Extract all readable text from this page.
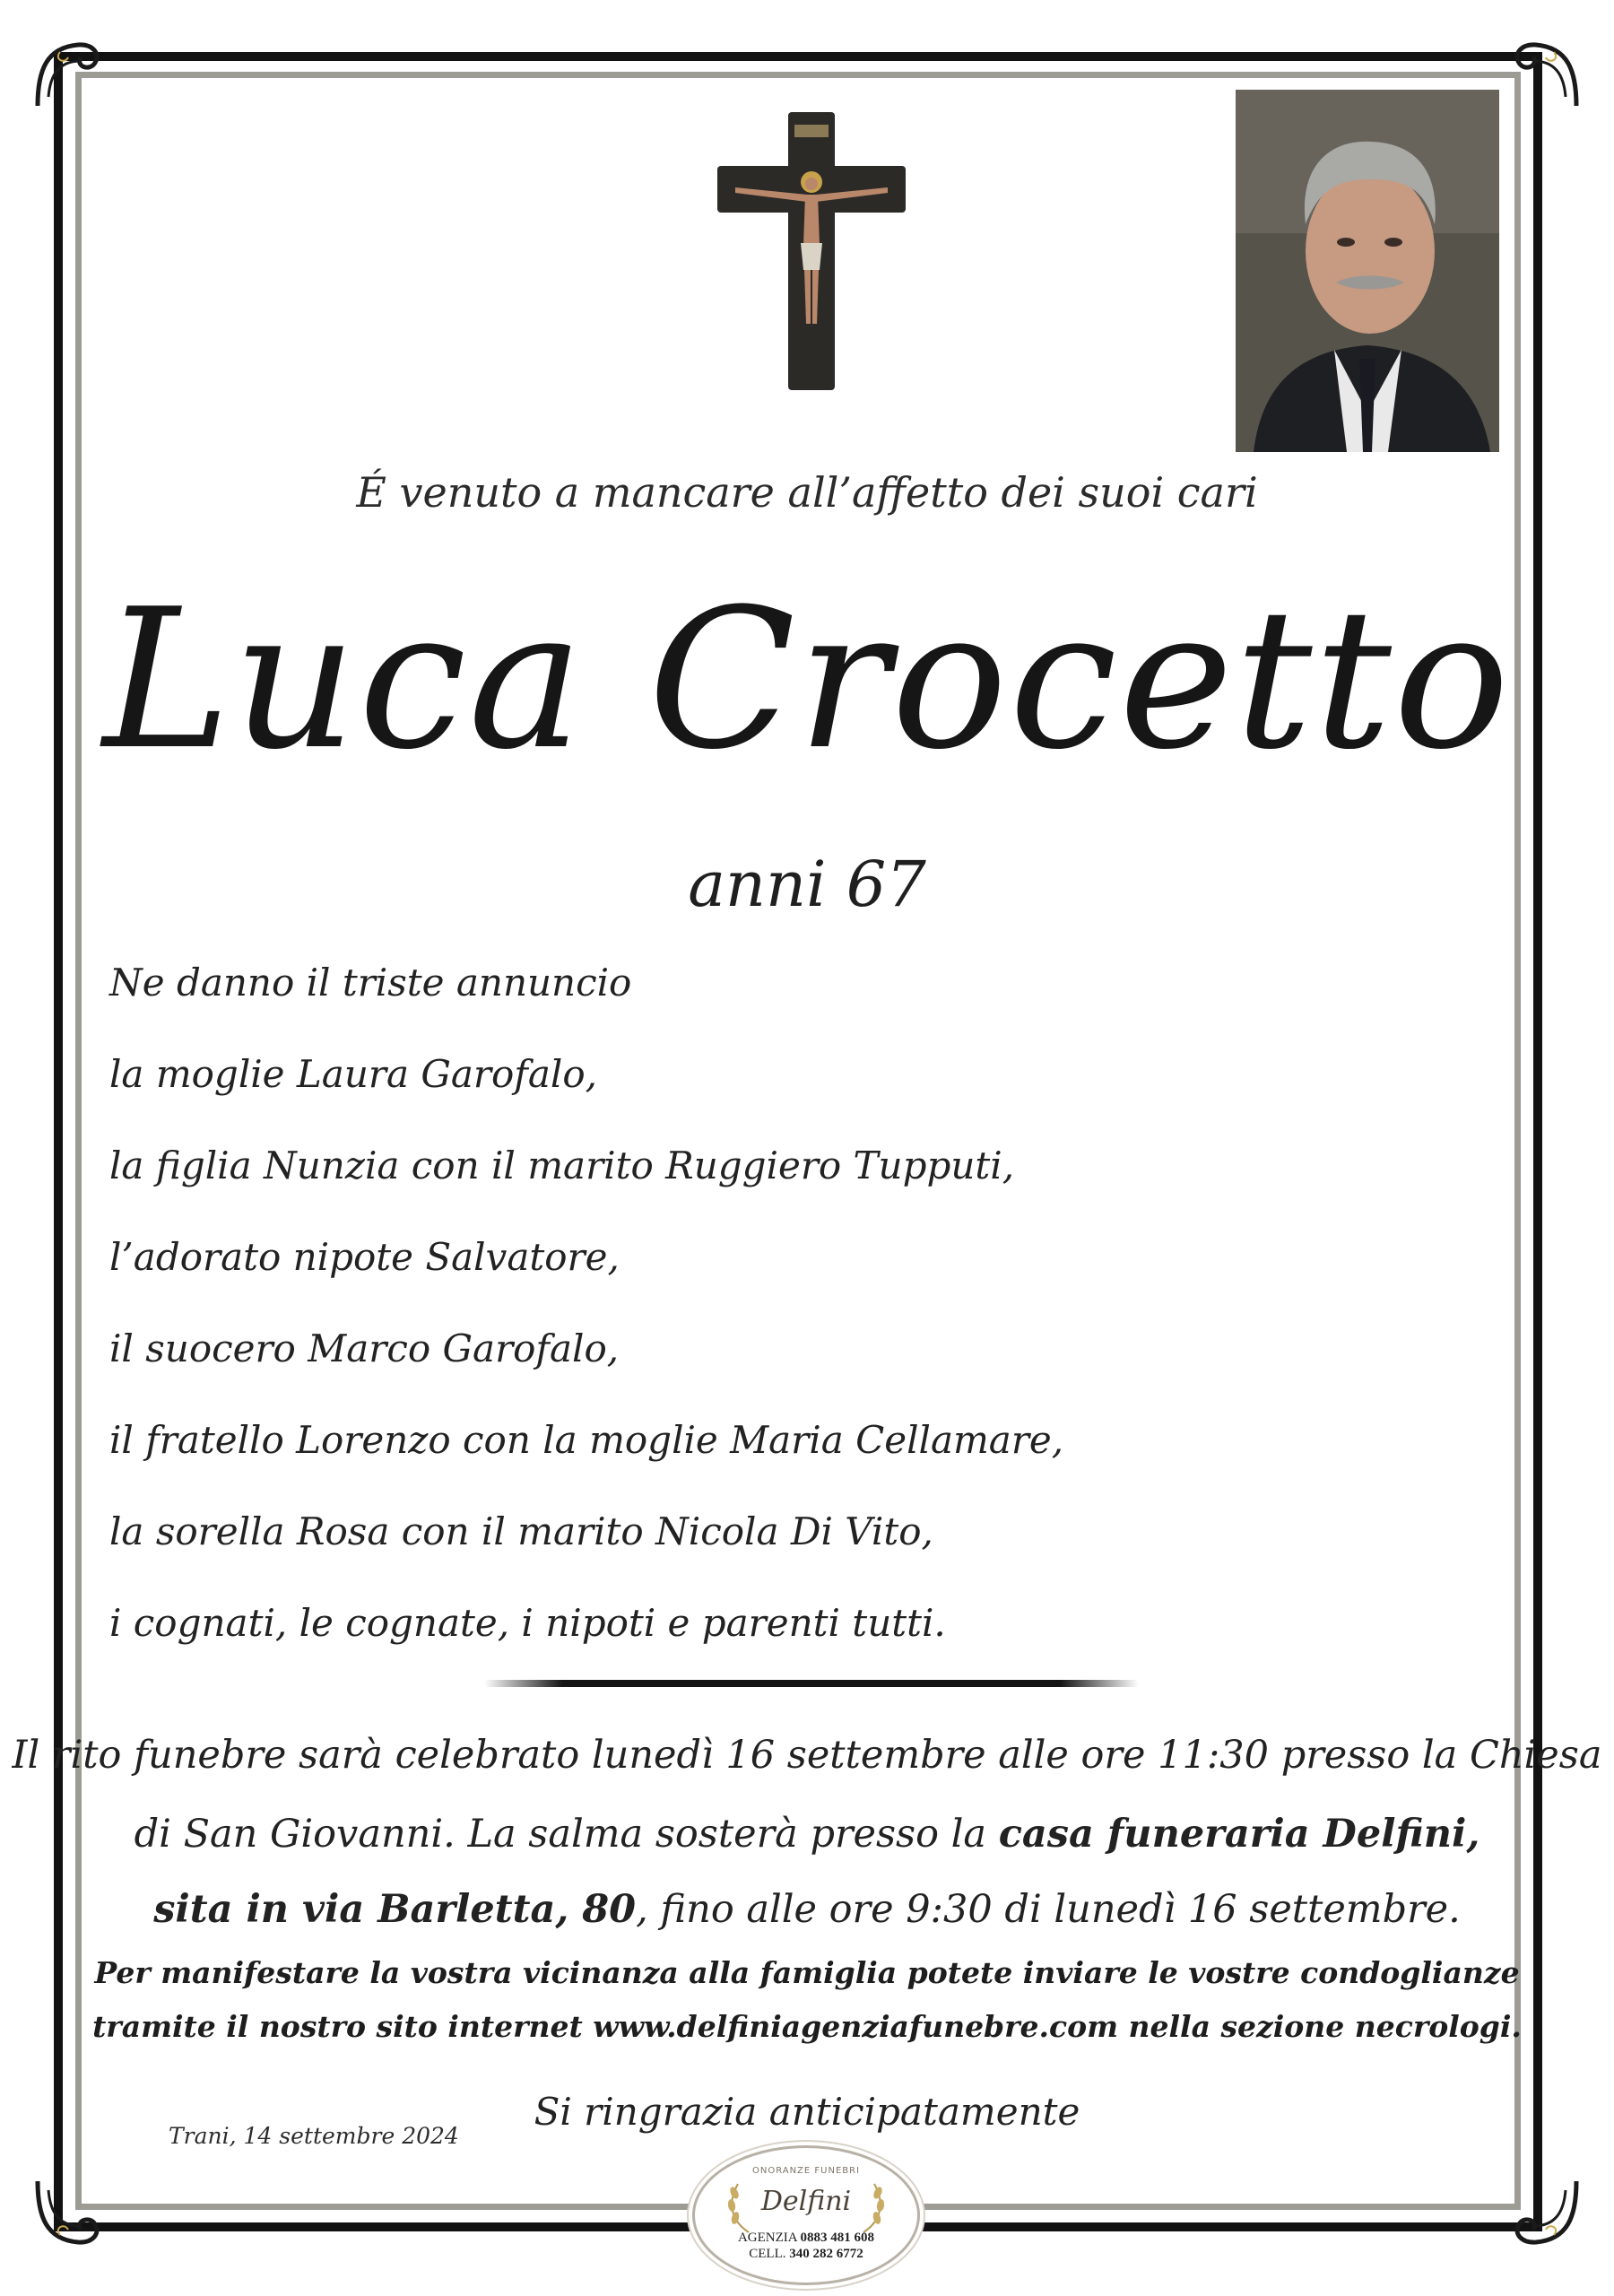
É venuto a mancare all’affetto dei suoi cari
Luca Crocetto
anni 67
Ne danno il triste annuncio
la moglie Laura Garofalo,
la figlia Nunzia con il marito Ruggiero Tupputi,
l’adorato nipote Salvatore,
il suocero Marco Garofalo,
il fratello Lorenzo con la moglie Maria Cellamare,
la sorella Rosa con il marito Nicola Di Vito,
i cognati, le cognate, i nipoti e parenti tutti.
Il rito funebre sarà celebrato lunedì 16 settembre alle ore 11:30 presso la Chiesa
di San Giovanni. La salma sosterà presso la casa funeraria Delfini,
sita in via Barletta, 80, fino alle ore 9:30 di lunedì 16 settembre.
Per manifestare la vostra vicinanza alla famiglia potete inviare le vostre condoglianze
tramite il nostro sito internet www.delfiniagenziafunebre.com nella sezione necrologi.
Si ringrazia anticipatamente
Trani, 14 settembre 2024
ONORANZE FUNEBRI
Delfini
AGENZIA 0883 481 608
CELL. 340 282 6772
